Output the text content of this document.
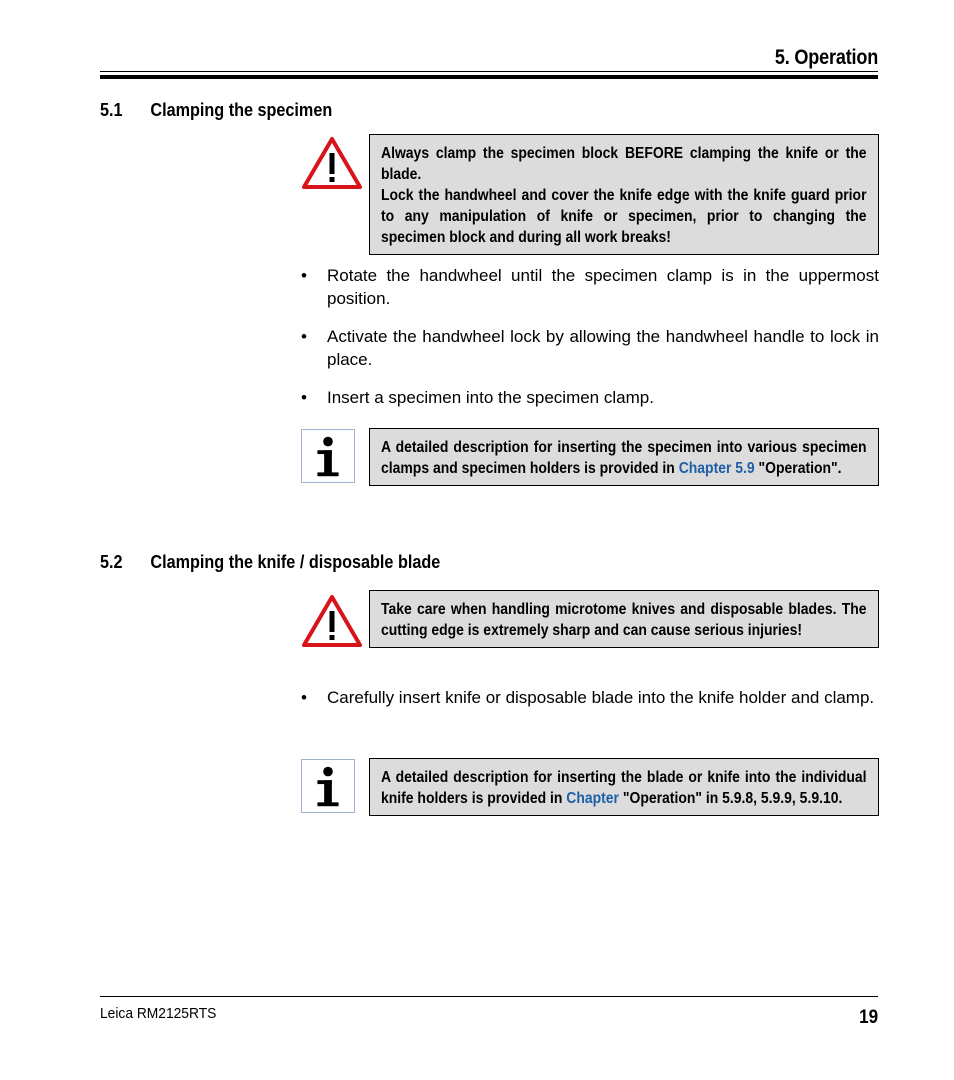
5. Operation
5.1 Clamping the specimen

Always clamp the specimen block BEFORE clamping the knife or the blade.

Lock the handwheel and cover the knife edge with the knife guard prior to any manipulation of knife or specimen, prior to changing the specimen block and during all work breaks!

• Rotate the handwheel until the specimen clamp is in the uppermost position.
• Activate the handwheel lock by allowing the handwheel handle to lock in place.
• Insert a specimen into the specimen clamp.

A detailed description for inserting the specimen into various specimen clamps and specimen holders is provided in Chapter 5.9 "Operation".

5.2 Clamping the knife / disposable blade

Take care when handling microtome knives and disposable blades. The cutting edge is extremely sharp and can cause serious injuries!

• Carefully insert knife or disposable blade into the knife holder and clamp.

A detailed description for inserting the blade or knife into the individual knife holders is provided in Chapter "Operation" in 5.9.8, 5.9.9, 5.9.10.

Leica RM2125RTS	19
